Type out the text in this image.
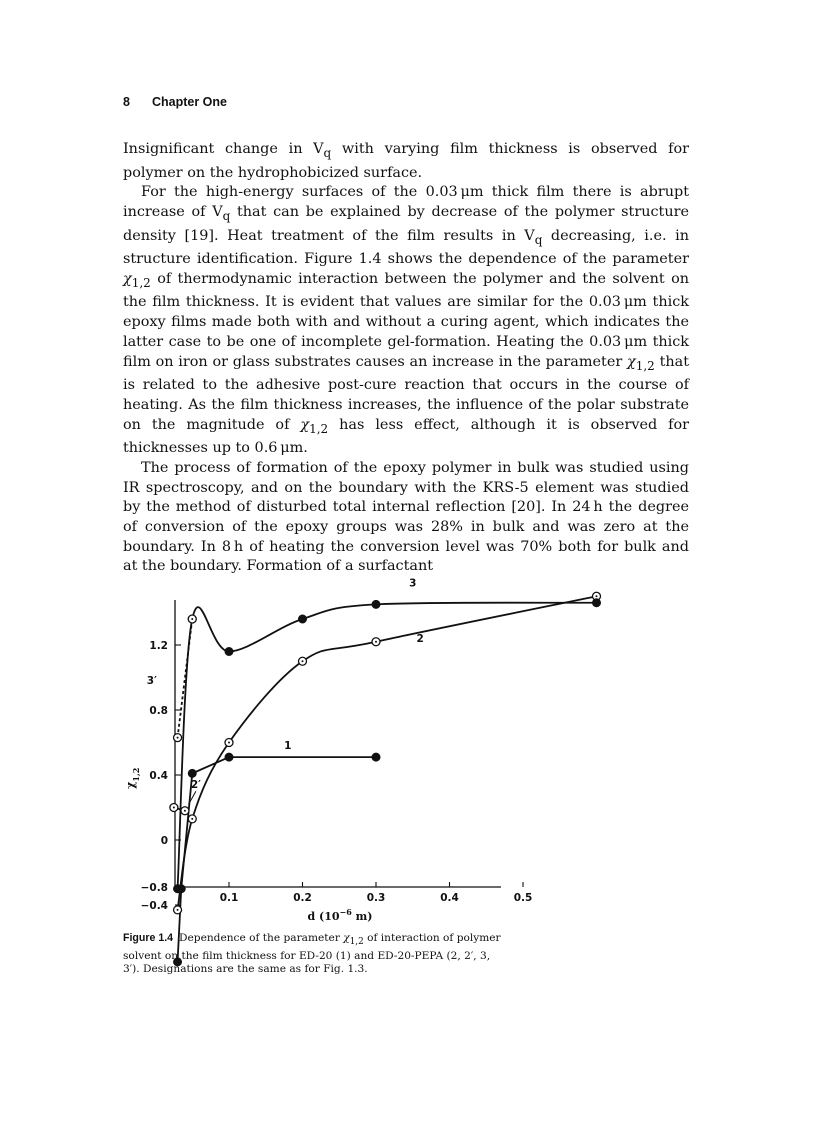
8 Chapter One

Insignificant change in $V_q$ with varying film thickness is observed for polymer on the hydrophobicized surface.

For the high-energy surfaces of the 0.03 μm thick film there is abrupt increase of $V_q$ that can be explained by decrease of the polymer structure density [19]. Heat treatment of the film results in $V_q$ decreasing, i.e. in structure identification. Figure 1.4 shows the dependence of the parameter $\chi_{1,2}$ of thermodynamic interaction between the polymer and the solvent on the film thickness. It is evident that values are similar for the 0.03 μm thick epoxy films made both with and without a curing agent, which indicates the latter case to be one of incomplete gel-formation. Heating the 0.03 μm thick film on iron or glass substrates causes an increase in the parameter $\chi_{1,2}$ that is related to the adhesive post-cure reaction that occurs in the course of heating. As the film thickness increases, the influence of the polar substrate on the magnitude of $\chi_{1,2}$ has less effect, although it is observed for thicknesses up to 0.6 μm.

The process of formation of the epoxy polymer in bulk was studied using IR spectroscopy, and on the boundary with the KRS-5 element was studied by the method of disturbed total internal reflection [20]. In 24 h the degree of conversion of the epoxy groups was 28% in bulk and was zero at the boundary. In 8 h of heating the conversion level was 70% both for bulk and at the boundary. Formation of a surfactant

0.1	0.2	0.3	0.4	0.5
−0.8
−0.4
0
0.4
0.8
1.2
d ($10^{-6}$ m)
$\chi_{1,2}$
1
2
2′
3
3′
Figure 1.4 Dependence of the parameter $\chi_{1,2}$ of interaction of polymer solvent on the film thickness for ED-20 (1) and ED-20-PEPA (2, 2′, 3, 3′). Designations are the same as for Fig. 1.3.
